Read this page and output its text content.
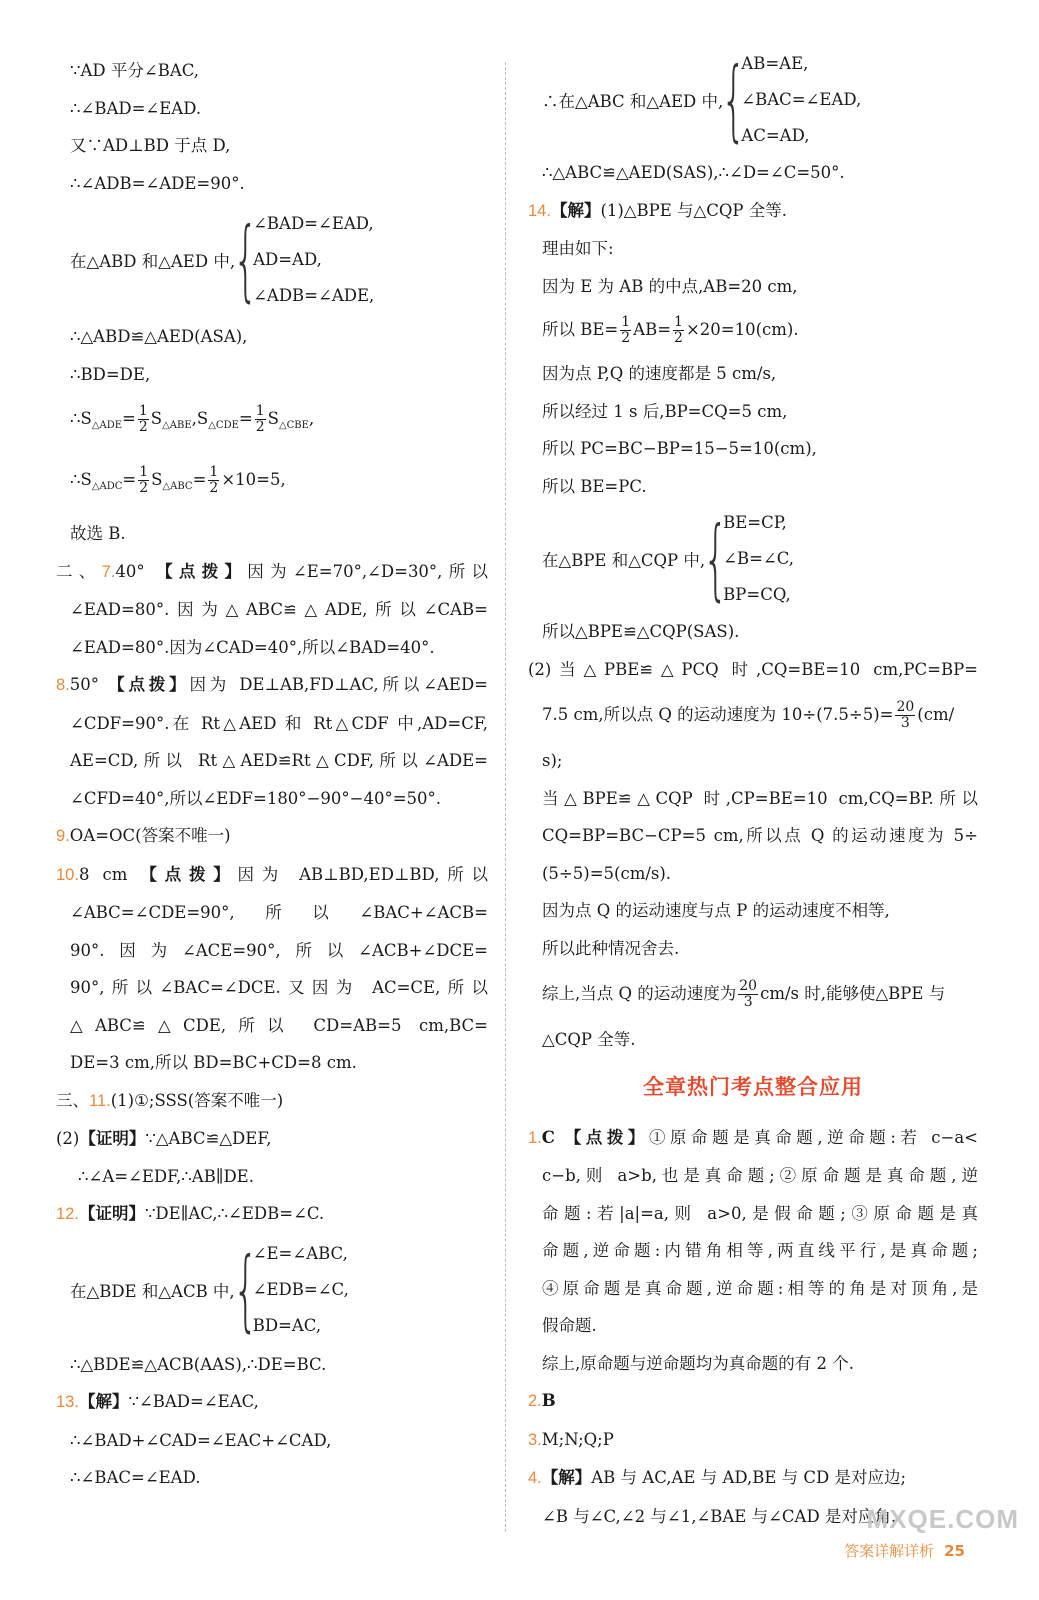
∵AD 平分∠BAC,
∴∠BAD=∠EAD.
又∵AD⊥BD 于点 D,
∴∠ADB=∠ADE=90°.
在△ABD 和△AED 中,
{
∠BAD=∠EAD,
AD=AD,
∠ADB=∠ADE,
∴△ABD≌△AED(ASA),
∴BD=DE,
$\therefore S_{\triangle ADE}= \frac{1}{2} S_{\triangle ABE},S_{\triangle CDE}= \frac{1}{2} S_{\triangle CBE}$,
$\therefore S_{\triangle ADC}= \frac{1}{2} S_{\triangle ABC}= \frac{1}{2} \times 10=5$,
故选 B.
二、7.40° 【点拨】因为∠E=70°,∠D=30°,所以
∠EAD=80°.因为△ABC≌△ADE,所以∠CAB=
∠EAD=80°.因为∠CAD=40°,所以∠BAD=40°.
8.50° 【点拨】因为 DE⊥AB,FD⊥AC,所以∠AED=
∠CDF=90°.在 Rt△AED 和 Rt△CDF 中,AD=CF,
AE=CD,所以 Rt△AED≌Rt△CDF,所以∠ADE=
∠CFD=40°,所以∠EDF=180°−90°−40°=50°.
9.OA=OC(答案不唯一)
10.8 cm 【点拨】因为 AB⊥BD,ED⊥BD,所以
∠ABC=∠CDE=90°,所以∠BAC+∠ACB=
90°.因为∠ACE=90°,所以∠ACB+∠DCE=
90°,所以∠BAC=∠DCE.又因为 AC=CE,所以
△ABC≌△CDE,所以 CD=AB=5 cm,BC=
DE=3 cm,所以 BD=BC+CD=8 cm.
三、11.(1)①;SSS(答案不唯一)
(2)【证明】∵△ABC≌△DEF,
∴∠A=∠EDF,∴AB∥DE.
12.【证明】∵DE∥AC,∴∠EDB=∠C.
在△BDE 和△ACB 中,
{
∠E=∠ABC,
∠EDB=∠C,
BD=AC,
∴△BDE≌△ACB(AAS),∴DE=BC.
13.【解】∵∠BAD=∠EAC,
∴∠BAD+∠CAD=∠EAC+∠CAD,
∴∠BAC=∠EAD.
∴在△ABC 和△AED 中,
{
AB=AE,
∠BAC=∠EAD,
AC=AD,
∴△ABC≌△AED(SAS),∴∠D=∠C=50°.
14.【解】(1)△BPE 与△CQP 全等.
理由如下:
因为 E 为 AB 的中点,AB=20 cm,
所以 $BE= \frac{1}{2} AB= \frac{1}{2} \times 20=10(cm)$.
因为点 P,Q 的速度都是 5 cm/s,
所以经过 1 s 后,BP=CQ=5 cm,
所以 PC=BC−BP=15−5=10(cm),
所以 BE=PC.
在△BPE 和△CQP 中,
{
BE=CP,
∠B=∠C,
BP=CQ,
所以△BPE≌△CQP(SAS).
(2)当△PBE≌△PCQ 时,CQ=BE=10 cm,PC=BP=
7.5 cm,所以点 Q 的运动速度为 $10\div(7.5\div 5)= \frac{20}{3} (cm/$
s);
当△BPE≌△CQP 时,CP=BE=10 cm,CQ=BP.所以
CQ=BP=BC−CP=5 cm,所以点 Q 的运动速度为 5÷
(5÷5)=5(cm/s).
因为点 Q 的运动速度与点 P 的运动速度不相等,
所以此种情况舍去.
综上,当点 Q 的运动速度为 $\frac{20}{3} cm/s$ 时,能够使△BPE 与
△CQP 全等.
全章热门考点整合应用
1.C 【点拨】①原命题是真命题,逆命题:若 c−a<
c−b,则 a>b,也是真命题;②原命题是真命题,逆
命题:若|a|=a,则 a>0,是假命题;③原命题是真
命题,逆命题:内错角相等,两直线平行,是真命题;
④原命题是真命题,逆命题:相等的角是对顶角,是
假命题.
综上,原命题与逆命题均为真命题的有 2 个.
2.B
3.M;N;Q;P
4.【解】AB 与 AC,AE 与 AD,BE 与 CD 是对应边;
∠B 与∠C,∠2 与∠1,∠BAE 与∠CAD 是对应角.
MXQE.COM
答案详解详析 25
